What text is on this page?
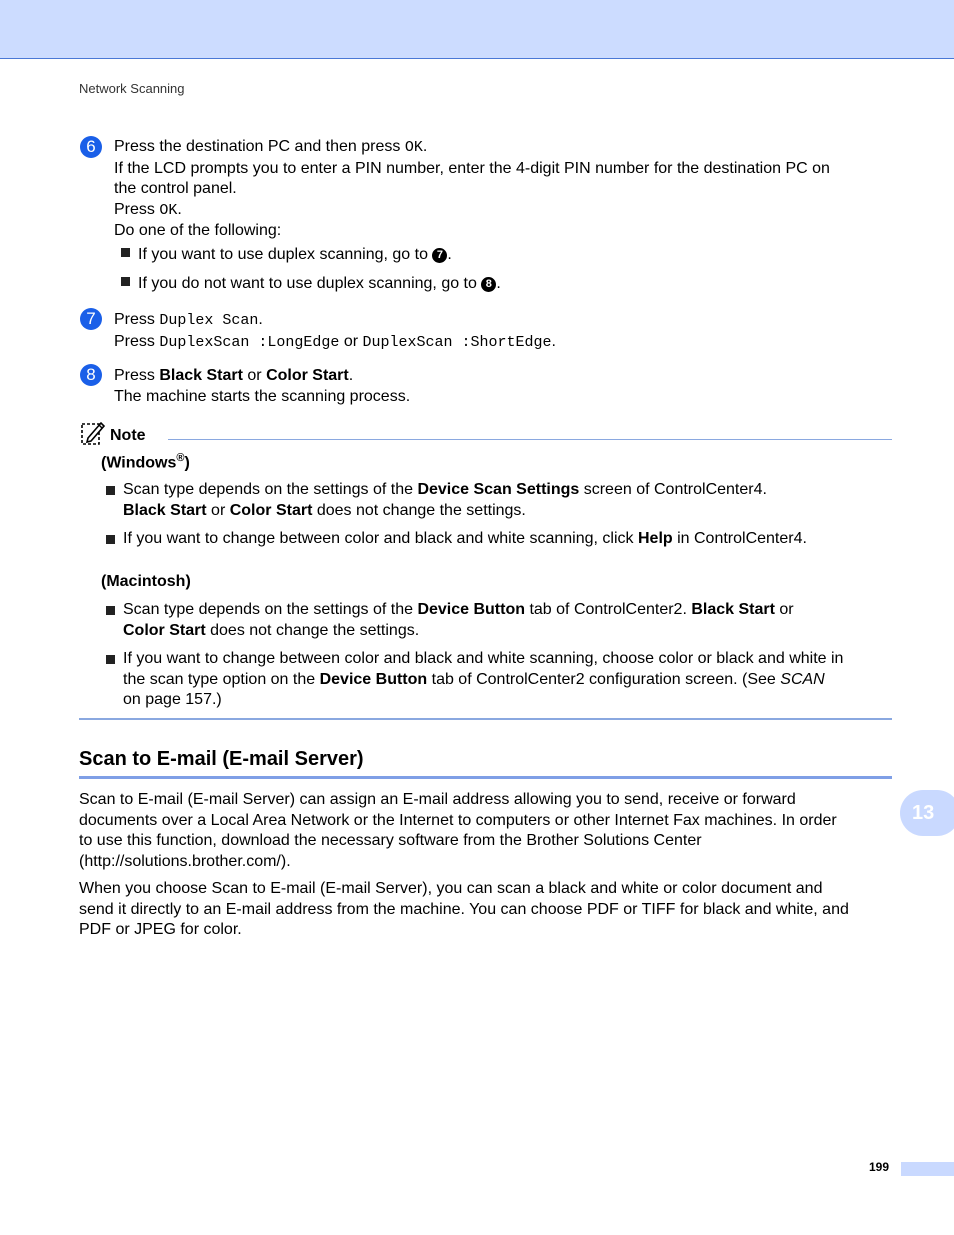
Network Scanning
6	Press the destination PC and then press OK.
If the LCD prompts you to enter a PIN number, enter the 4-digit PIN number for the destination PC on
the control panel.
Press OK.
Do one of the following:
If you want to use duplex scanning, go to 7 .
If you do not want to use duplex scanning, go to 8 .
7	Press Duplex Scan.
Press DuplexScan :LongEdge or DuplexScan :ShortEdge.
8	Press Black Start or Color Start.
The machine starts the scanning process.
Note
(Windows®)
Scan type depends on the settings of the Device Scan Settings screen of ControlCenter4.
Black Start or Color Start does not change the settings.
If you want to change between color and black and white scanning, click Help in ControlCenter4.
(Macintosh)
Scan type depends on the settings of the Device Button tab of ControlCenter2. Black Start or
Color Start does not change the settings.
If you want to change between color and black and white scanning, choose color or black and white in
the scan type option on the Device Button tab of ControlCenter2 configuration screen. (See SCAN
on page 157.)
Scan to E-mail (E-mail Server)
Scan to E-mail (E-mail Server) can assign an E-mail address allowing you to send, receive or forward
documents over a Local Area Network or the Internet to computers or other Internet Fax machines. In order
to use this function, download the necessary software from the Brother Solutions Center
(http://solutions.brother.com/).
When you choose Scan to E-mail (E-mail Server), you can scan a black and white or color document and
send it directly to an E-mail address from the machine. You can choose PDF or TIFF for black and white, and
PDF or JPEG for color.
13
199
